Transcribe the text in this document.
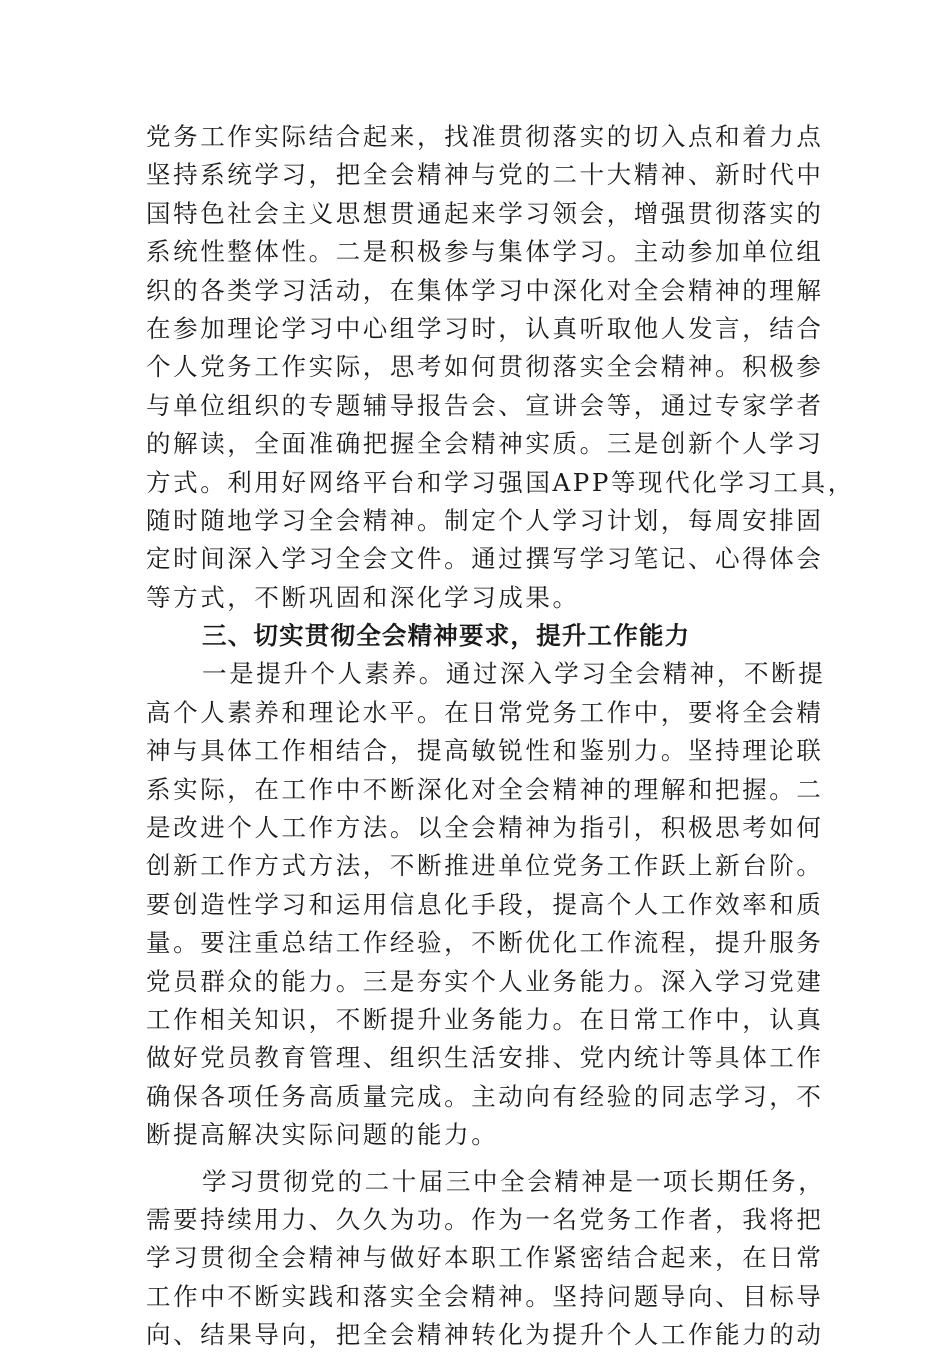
党务工作实际结合起来，找准贯彻落实的切入点和着力点
坚持系统学习，把全会精神与党的二十大精神、新时代中
国特色社会主义思想贯通起来学习领会，增强贯彻落实的
系统性整体性。二是积极参与集体学习。主动参加单位组
织的各类学习活动，在集体学习中深化对全会精神的理解
在参加理论学习中心组学习时，认真听取他人发言，结合
个人党务工作实际，思考如何贯彻落实全会精神。积极参
与单位组织的专题辅导报告会、宣讲会等，通过专家学者
的解读，全面准确把握全会精神实质。三是创新个人学习
方式。利用好网络平台和学习强国APP等现代化学习工具，
随时随地学习全会精神。制定个人学习计划，每周安排固
定时间深入学习全会文件。通过撰写学习笔记、心得体会
等方式，不断巩固和深化学习成果。
三、切实贯彻全会精神要求，提升工作能力
一是提升个人素养。通过深入学习全会精神，不断提
高个人素养和理论水平。在日常党务工作中，要将全会精
神与具体工作相结合，提高敏锐性和鉴别力。坚持理论联
系实际，在工作中不断深化对全会精神的理解和把握。二
是改进个人工作方法。以全会精神为指引，积极思考如何
创新工作方式方法，不断推进单位党务工作跃上新台阶。
要创造性学习和运用信息化手段，提高个人工作效率和质
量。要注重总结工作经验，不断优化工作流程，提升服务
党员群众的能力。三是夯实个人业务能力。深入学习党建
工作相关知识，不断提升业务能力。在日常工作中，认真
做好党员教育管理、组织生活安排、党内统计等具体工作
确保各项任务高质量完成。主动向有经验的同志学习，不
断提高解决实际问题的能力。
学习贯彻党的二十届三中全会精神是一项长期任务，
需要持续用力、久久为功。作为一名党务工作者，我将把
学习贯彻全会精神与做好本职工作紧密结合起来，在日常
工作中不断实践和落实全会精神。坚持问题导向、目标导
向、结果导向，把全会精神转化为提升个人工作能力的动
